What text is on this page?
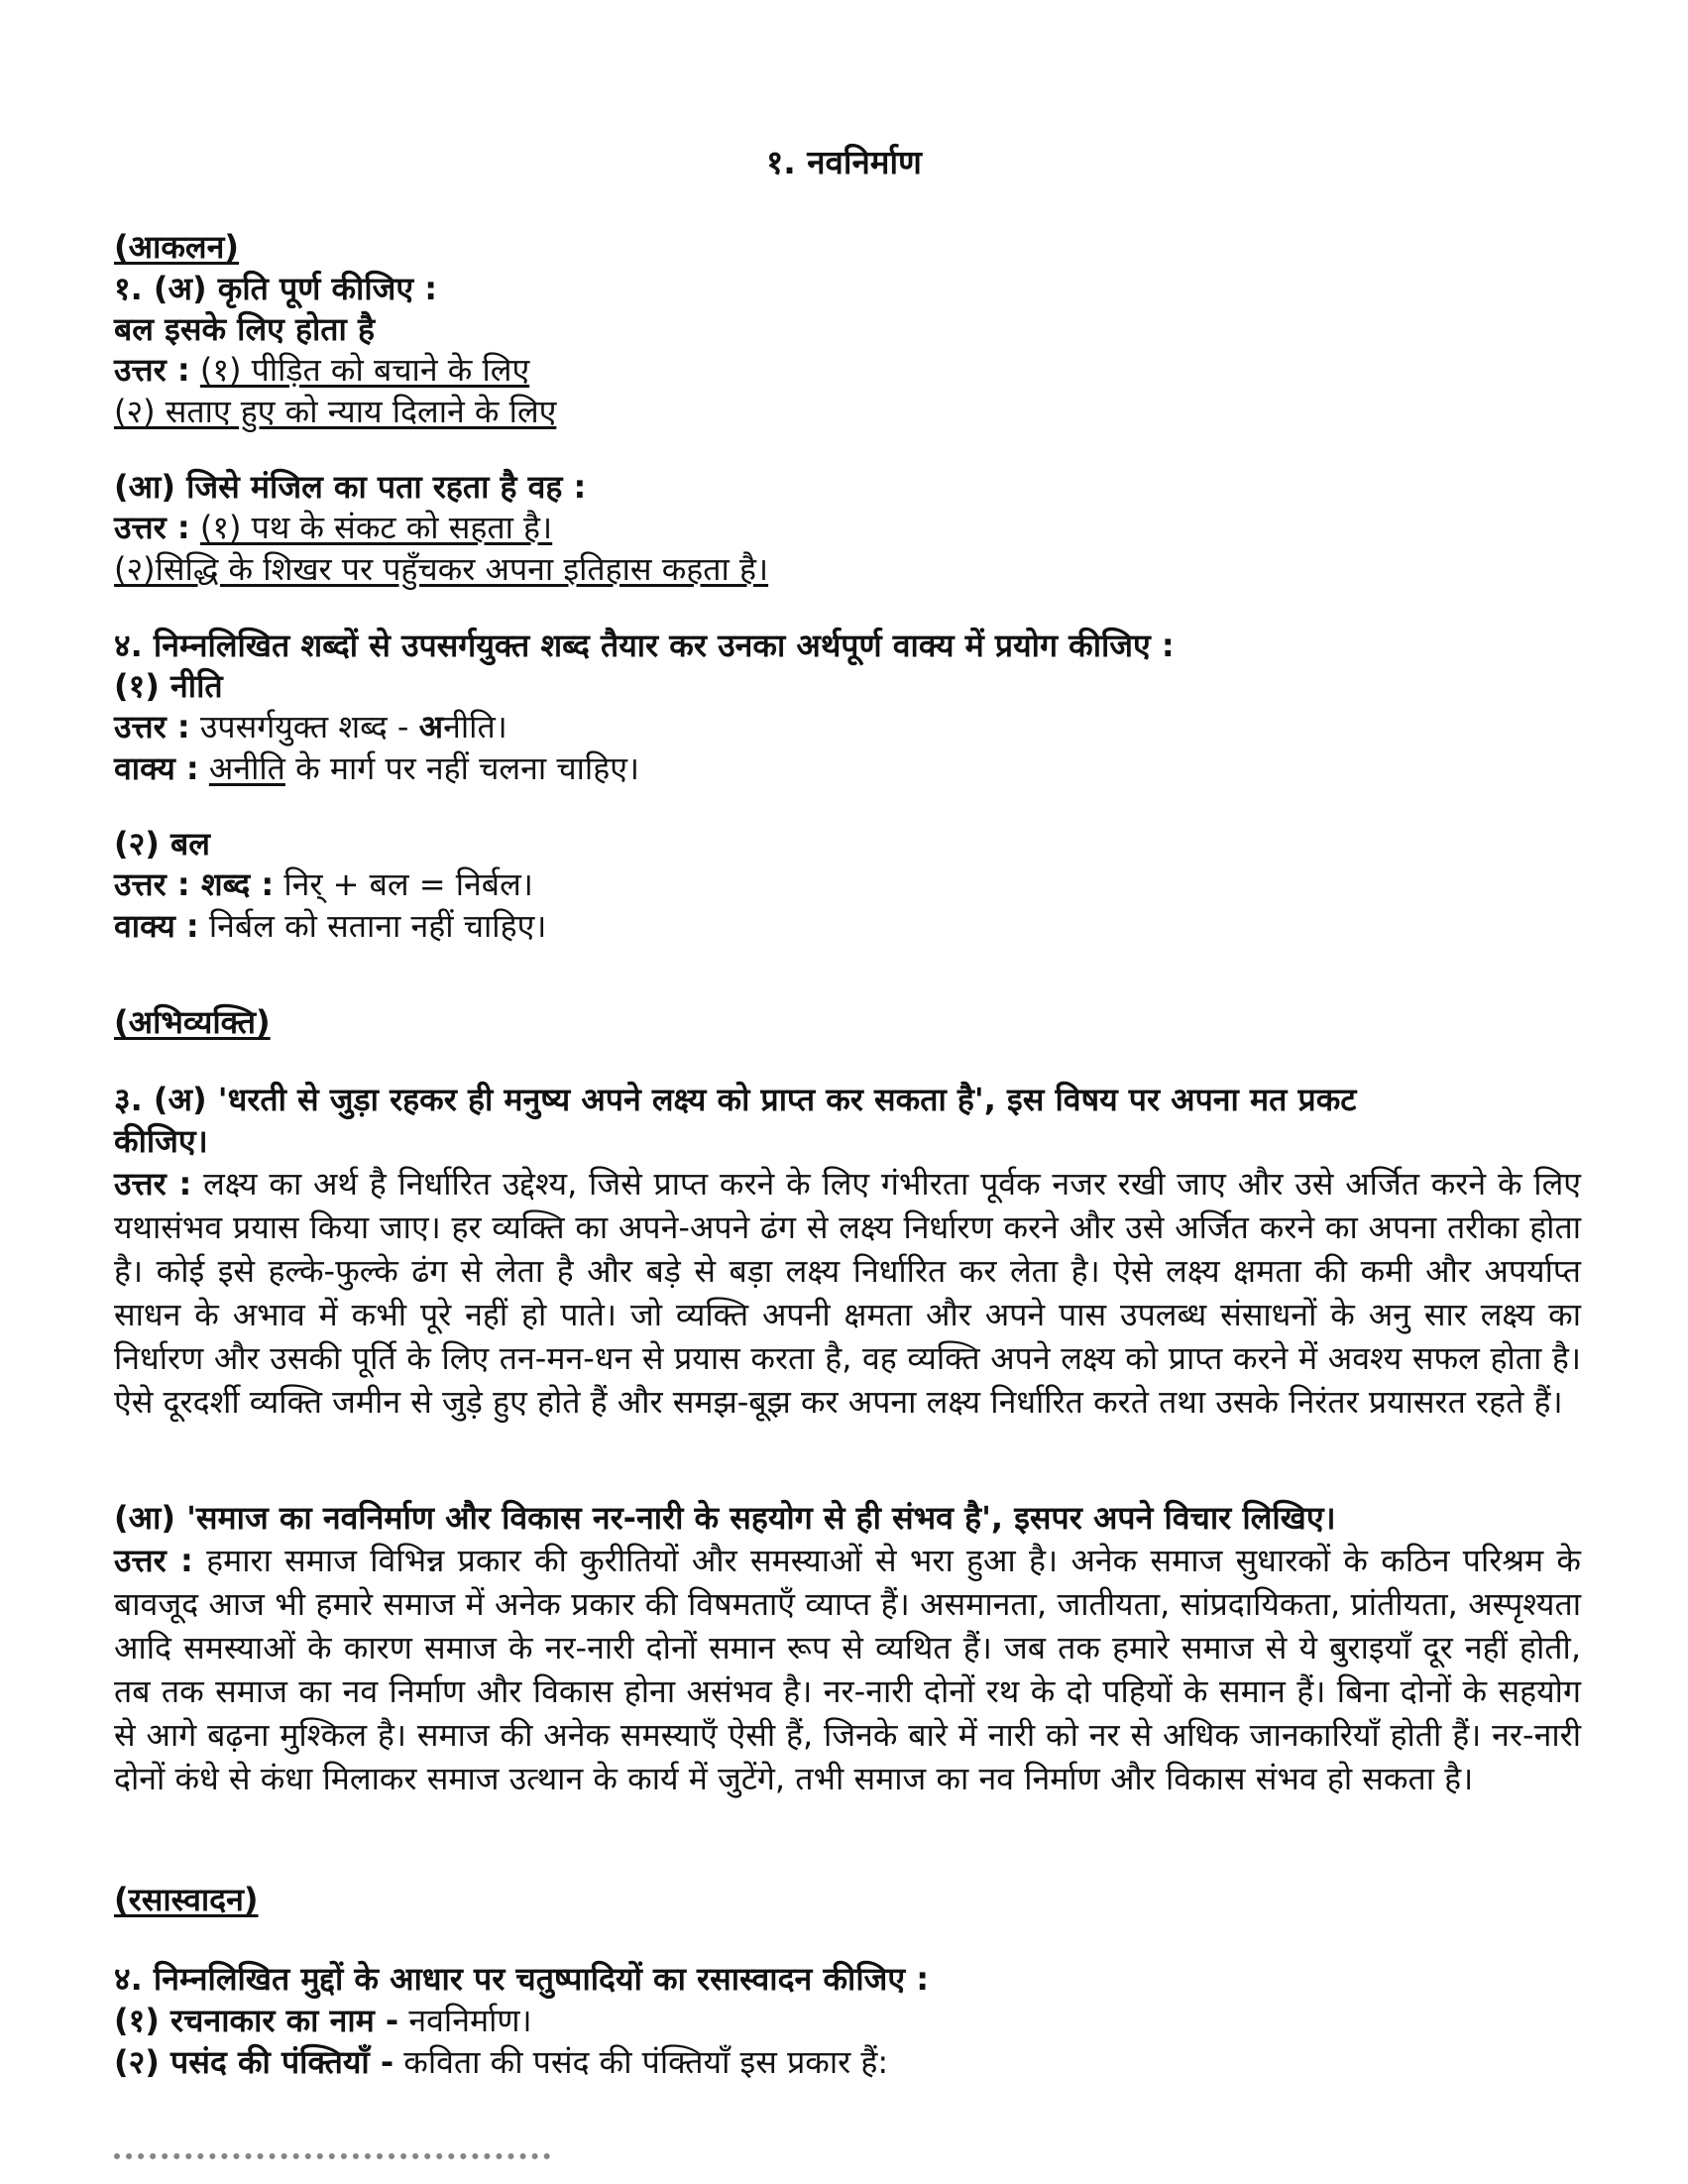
१. नवनिर्माण
(आकलन)
१. (अ) कृति पूर्ण कीजिए :
बल इसके लिए होता है
उत्तर : (१) पीड़ित को बचाने के लिए
(२) सताए हुए को न्याय दिलाने के लिए
(आ) जिसे मंजिल का पता रहता है वह :
उत्तर : (१) पथ के संकट को सहता है।
(२)सिद्धि के शिखर पर पहुँचकर अपना इतिहास कहता है।
४. निम्नलिखित शब्दों से उपसर्गयुक्त शब्द तैयार कर उनका अर्थपूर्ण वाक्य में प्रयोग कीजिए :
(१) नीति
उत्तर : उपसर्गयुक्त शब्द - अनीति।
वाक्य : अनीति के मार्ग पर नहीं चलना चाहिए।
(२) बल
उत्तर : शब्द : निर् + बल = निर्बल।
वाक्य : निर्बल को सताना नहीं चाहिए।
(अभिव्यक्ति)
३. (अ) 'धरती से जुड़ा रहकर ही मनुष्य अपने लक्ष्य को प्राप्त कर सकता है', इस विषय पर अपना मत प्रकट
कीजिए।
उत्तर : लक्ष्य का अर्थ है निर्धारित उद्देश्य, जिसे प्राप्त करने के लिए गंभीरता पूर्वक नजर रखी जाए और उसे अर्जित करने के लिए यथासंभव प्रयास किया जाए। हर व्यक्ति का अपने-अपने ढंग से लक्ष्य निर्धारण करने और उसे अर्जित करने का अपना तरीका होता है। कोई इसे हल्के-फुल्के ढंग से लेता है और बड़े से बड़ा लक्ष्य निर्धारित कर लेता है। ऐसे लक्ष्य क्षमता की कमी और अपर्याप्त साधन के अभाव में कभी पूरे नहीं हो पाते। जो व्यक्ति अपनी क्षमता और अपने पास उपलब्ध संसाधनों के अनु सार लक्ष्य का निर्धारण और उसकी पूर्ति के लिए तन-मन-धन से प्रयास करता है, वह व्यक्ति अपने लक्ष्य को प्राप्त करने में अवश्य सफल होता है। ऐसे दूरदर्शी व्यक्ति जमीन से जुड़े हुए होते हैं और समझ-बूझ कर अपना लक्ष्य निर्धारित करते तथा उसके निरंतर प्रयासरत रहते हैं।
(आ) 'समाज का नवनिर्माण और विकास नर-नारी के सहयोग से ही संभव है', इसपर अपने विचार लिखिए।
उत्तर : हमारा समाज विभिन्न प्रकार की कुरीतियों और समस्याओं से भरा हुआ है। अनेक समाज सुधारकों के कठिन परिश्रम के बावजूद आज भी हमारे समाज में अनेक प्रकार की विषमताएँ व्याप्त हैं। असमानता, जातीयता, सांप्रदायिकता, प्रांतीयता, अस्पृश्यता आदि समस्याओं के कारण समाज के नर-नारी दोनों समान रूप से व्यथित हैं। जब तक हमारे समाज से ये बुराइयाँ दूर नहीं होती, तब तक समाज का नव निर्माण और विकास होना असंभव है। नर-नारी दोनों रथ के दो पहियों के समान हैं। बिना दोनों के सहयोग से आगे बढ़ना मुश्किल है। समाज की अनेक समस्याएँ ऐसी हैं, जिनके बारे में नारी को नर से अधिक जानकारियाँ होती हैं। नर-नारी दोनों कंधे से कंधा मिलाकर समाज उत्थान के कार्य में जुटेंगे, तभी समाज का नव निर्माण और विकास संभव हो सकता है।
(रसास्वादन)
४. निम्नलिखित मुद्दों के आधार पर चतुष्पादियों का रसास्वादन कीजिए :
(१) रचनाकार का नाम - नवनिर्माण।
(२) पसंद की पंक्तियाँ - कविता की पसंद की पंक्तियाँ इस प्रकार हैं:
